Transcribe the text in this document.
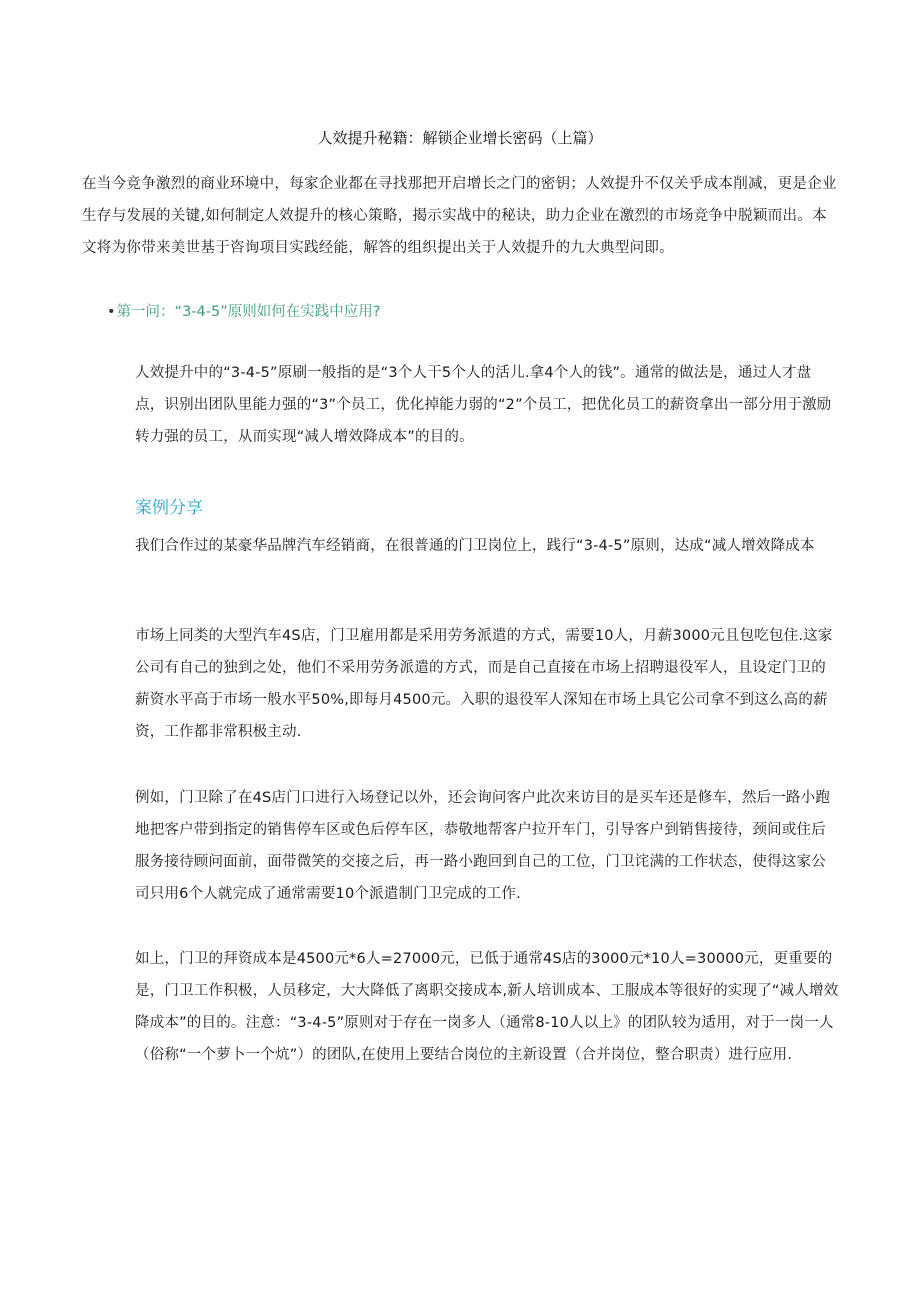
人效提升秘籍：解锁企业增长密码（上篇）

在当今竞争激烈的商业环境中，每家企业都在寻找那把开启增长之门的密钥；人效提升不仅关乎成本削减，更是企业生存与发展的关键,如何制定人效提升的核心策略，揭示实战中的秘诀，助力企业在激烈的市场竞争中脱颖而出。本文将为你带来美世基于咨询项目实践经能，解答的组织提出关于人效提升的九大典型问即。

•第一问：“3-4-5”原则如何在实践中应用?

人效提升中的“3-4-5”原刷一般指的是“3个人干5个人的活儿.拿4个人的钱”。通常的做法是，通过人才盘点，识别出团队里能力强的“3”个员工，优化掉能力弱的“2”个员工，把优化员工的薪资拿出一部分用于激励转力强的员工，从而实现“减人增效降成本”的目的。

案例分享

我们合作过的某豪华品牌汽车经销商，在很普通的门卫岗位上，践行“3-4-5”原则，达成“减人增效降成本

市场上同类的大型汽车4S店，门卫雇用都是采用劳务派遣的方式，需要10人，月薪3000元且包吃包住.这家公司有自己的独到之处，他们不采用劳务派遣的方式，而是自己直接在市场上招聘退役军人，且设定门卫的薪资水平高于市场一般水平50%,即每月4500元。入职的退役军人深知在市场上具它公司拿不到这么高的薪资，工作都非常积极主动.

例如，门卫除了在4S店门口进行入场登记以外，还会询问客户此次来访目的是买车还是修车，然后一路小跑地把客户带到指定的销售停车区或色后停车区，恭敬地帮客户拉开车门，引导客户到销售接待，颈间或住后服务接待顾问面前，面带微笑的交接之后，再一路小跑回到自己的工位，门卫诧满的工作状态，使得这家公司只用6个人就完成了通常需要10个派遣制门卫完成的工作.

如上，门卫的拜资成本是4500元*6人=27000元，已低于通常4S店的3000元*10人=30000元，更重要的是，门卫工作积极，人员移定，大大降低了离职交接成本,新人培训成本、工服成本等很好的实现了“减人增效降成本”的目的。注意：“3-4-5”原则对于存在一岗多人（通常8-10人以上》的团队较为适用，对于一岗一人（俗称“一个萝卜一个炕”）的团队,在使用上要结合岗位的主新设置（合并岗位，整合职责）进行应用.
